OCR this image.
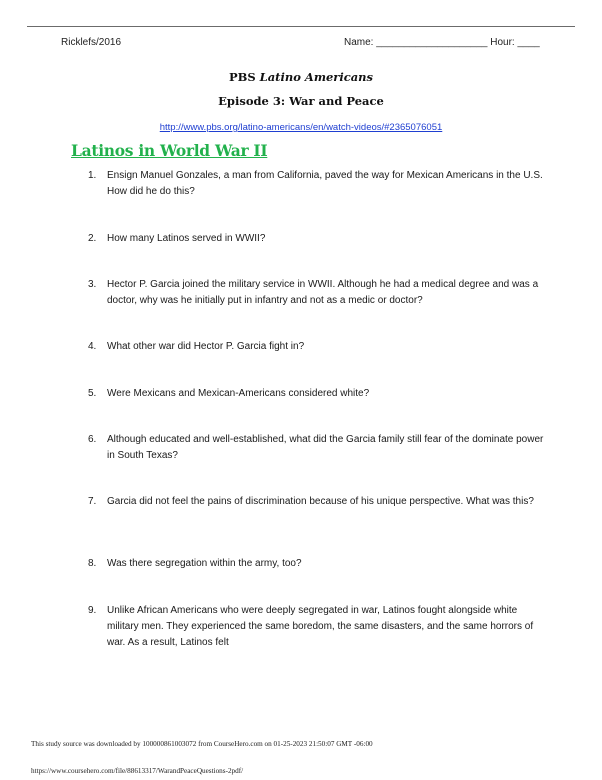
Ricklefs/2016	Name: ____________________ Hour: ____
PBS Latino Americans
Episode 3: War and Peace
http://www.pbs.org/latino-americans/en/watch-videos/#2365076051
Latinos in World War II
1.	Ensign Manuel Gonzales, a man from California, paved the way for Mexican Americans in the U.S. How did he do this?
2.	How many Latinos served in WWII?
3.	Hector P. Garcia joined the military service in WWII. Although he had a medical degree and was a doctor, why was he initially put in infantry and not as a medic or doctor?
4.	What other war did Hector P. Garcia fight in?
5.	Were Mexicans and Mexican-Americans considered white?
6.	Although educated and well-established, what did the Garcia family still fear of the dominate power in South Texas?
7.	Garcia did not feel the pains of discrimination because of his unique perspective. What was this?
8.	Was there segregation within the army, too?
9.	Unlike African Americans who were deeply segregated in war, Latinos fought alongside white military men. They experienced the same boredom, the same disasters, and the same horrors of war. As a result, Latinos felt
This study source was downloaded by 100000861003072 from CourseHero.com on 01-25-2023 21:50:07 GMT -06:00
https://www.coursehero.com/file/88613317/WarandPeaceQuestions-2pdf/
